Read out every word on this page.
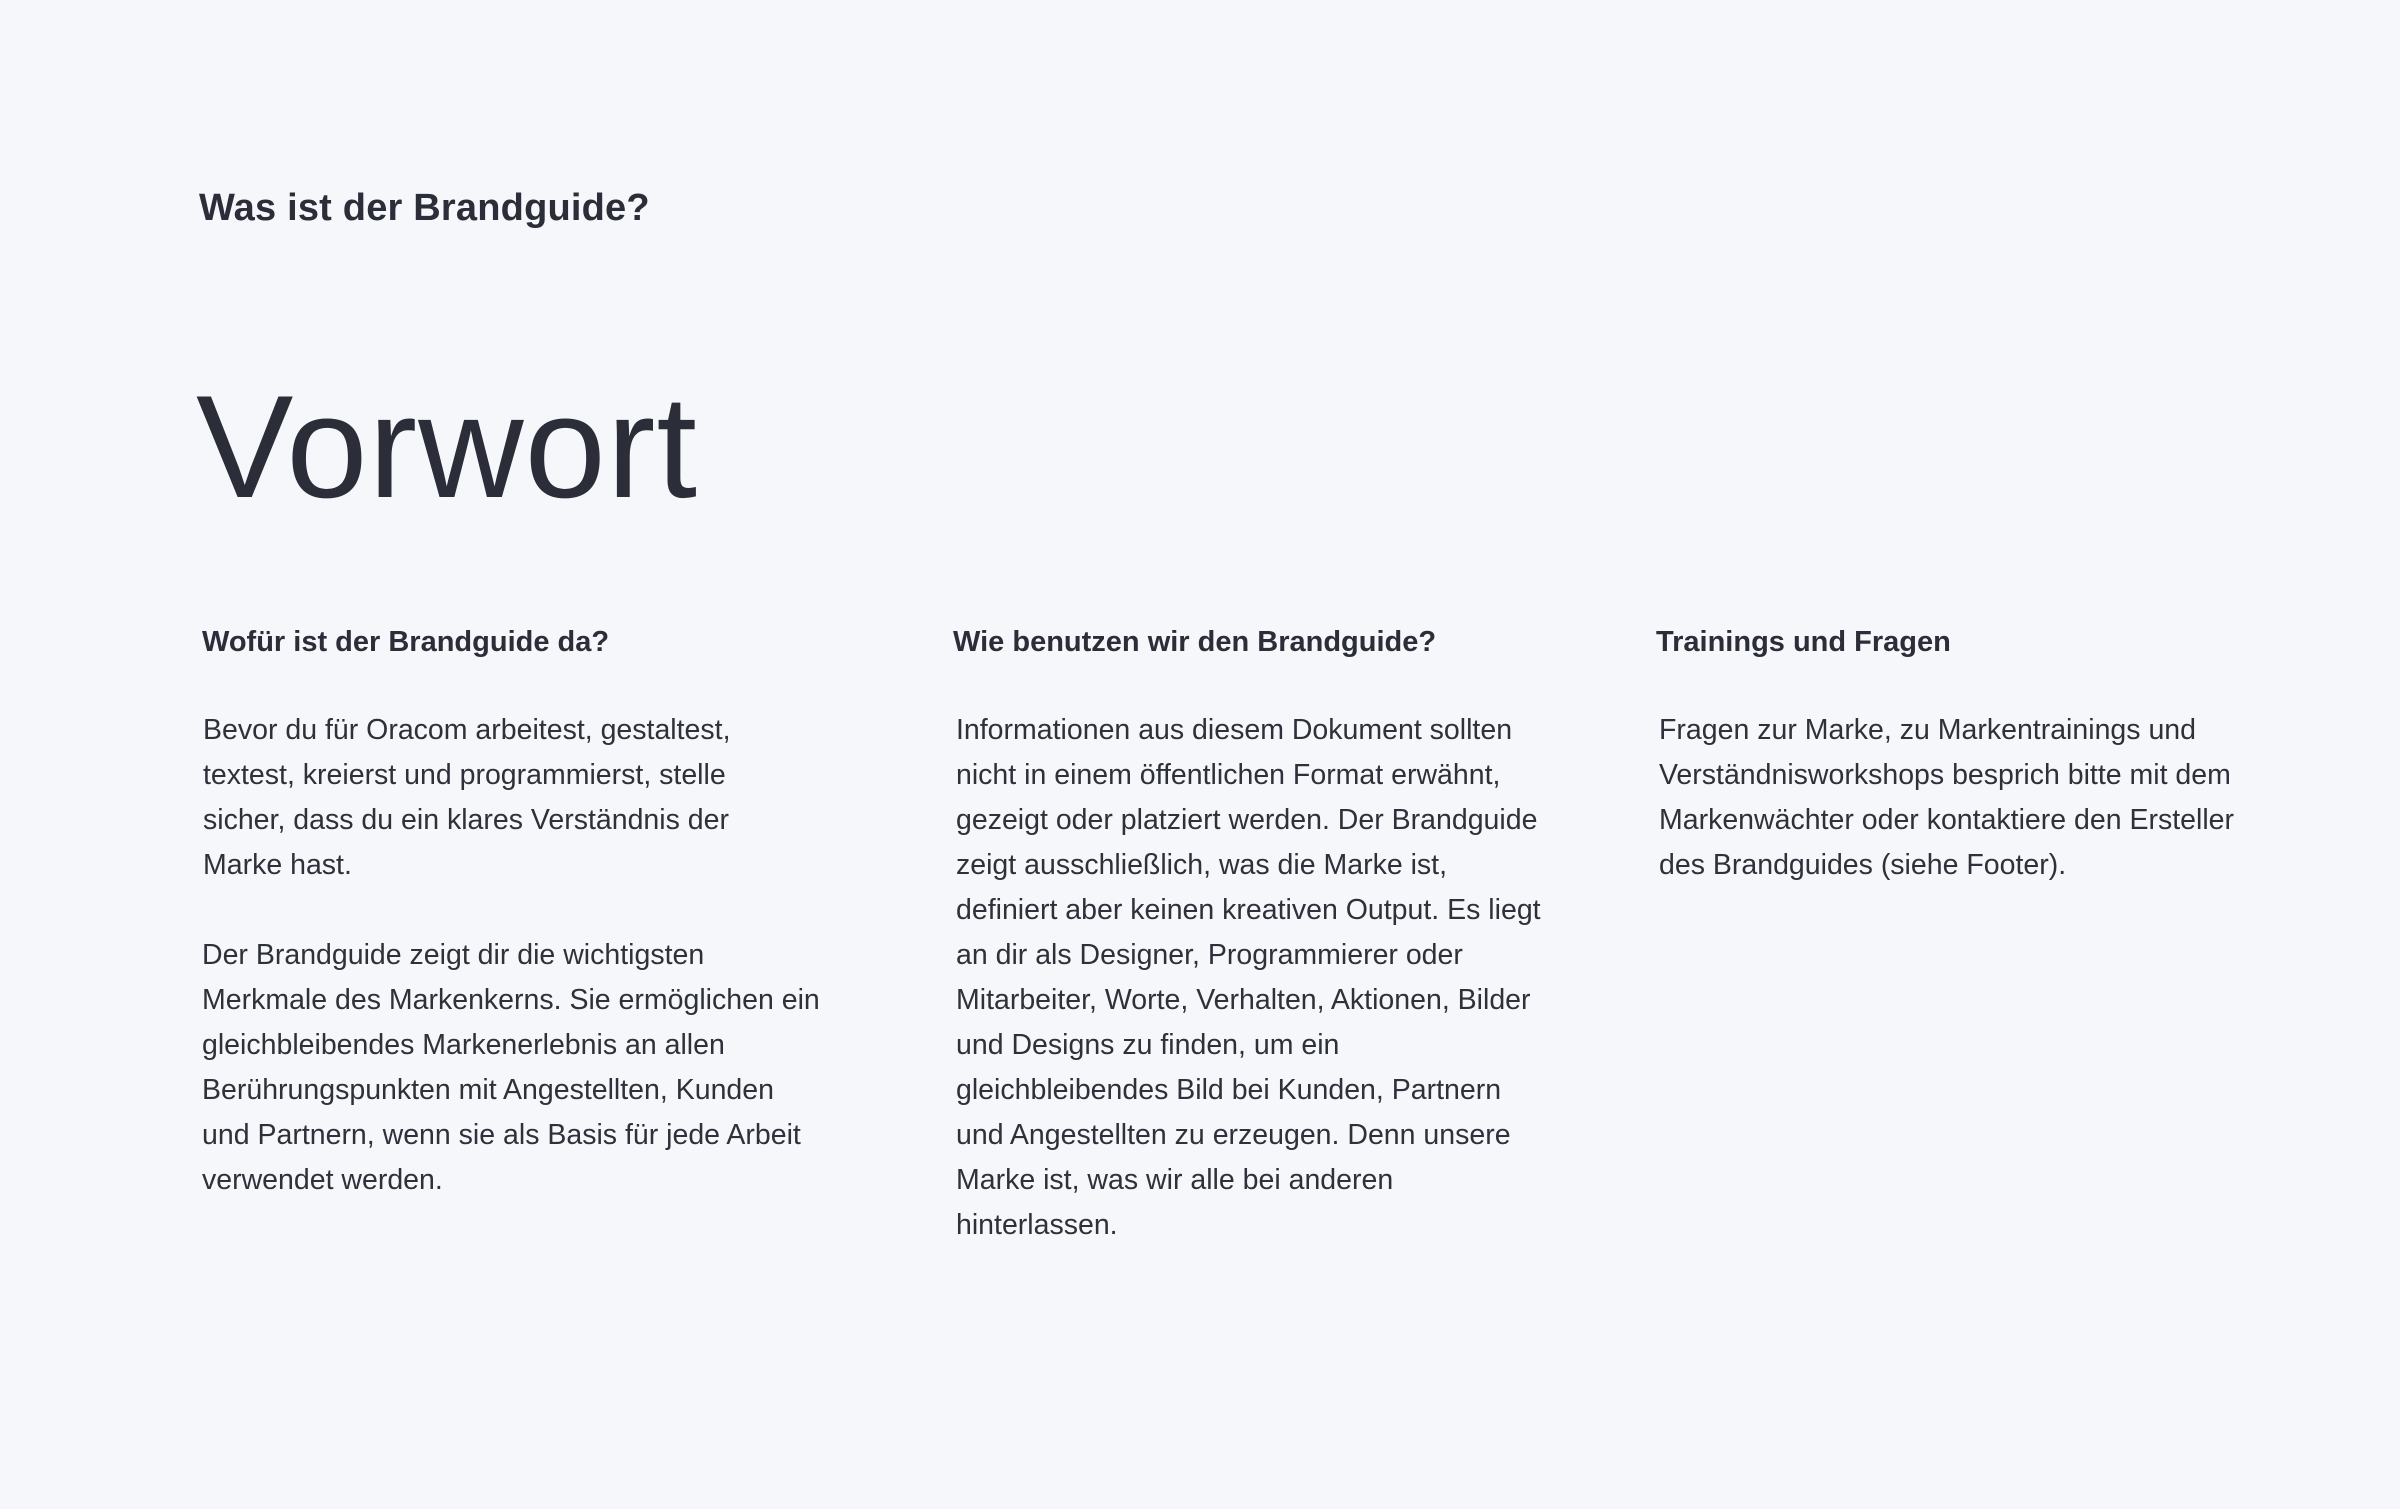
Was ist der Brandguide?
Vorwort
Wofür ist der Brandguide da?

Bevor du für Oracom arbeitest, gestaltest, textest, kreierst und programmierst, stelle sicher, dass du ein klares Verständnis der Marke hast.

Der Brandguide zeigt dir die wichtigsten Merkmale des Markenkerns. Sie ermöglichen ein gleichbleibendes Markenerlebnis an allen Berührungspunkten mit Angestellten, Kunden und Partnern, wenn sie als Basis für jede Arbeit verwendet werden.

Wie benutzen wir den Brandguide?

Informationen aus diesem Dokument sollten nicht in einem öffentlichen Format erwähnt, gezeigt oder platziert werden. Der Brandguide zeigt ausschließlich, was die Marke ist, definiert aber keinen kreativen Output. Es liegt an dir als Designer, Programmierer oder Mitarbeiter, Worte, Verhalten, Aktionen, Bilder und Designs zu finden, um ein gleichbleibendes Bild bei Kunden, Partnern und Angestellten zu erzeugen. Denn unsere Marke ist, was wir alle bei anderen hinterlassen.

Trainings und Fragen

Fragen zur Marke, zu Markentrainings und Verständnisworkshops besprich bitte mit dem Markenwächter oder kontaktiere den Ersteller des Brandguides (siehe Footer).
